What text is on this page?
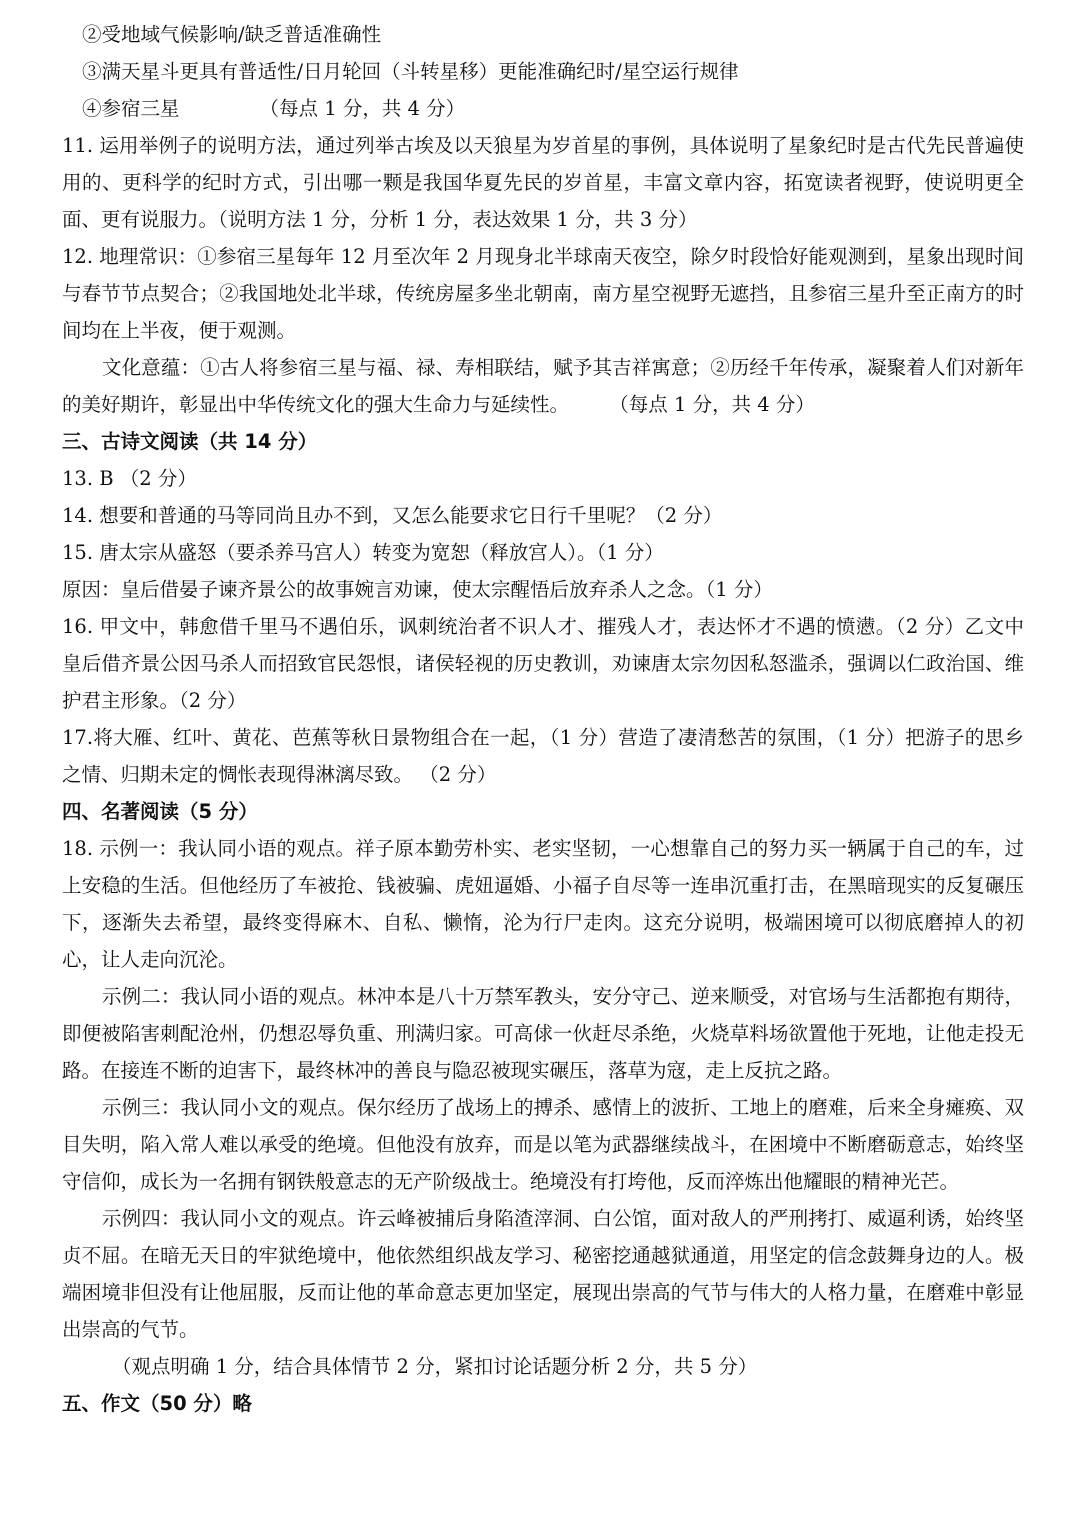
②受地域气候影响/缺乏普适准确性

③满天星斗更具有普适性/日月轮回（斗转星移）更能准确纪时/星空运行规律

④参宿三星	（每点 1 分，共 4 分）

11. 运用举例子的说明方法，通过列举古埃及以天狼星为岁首星的事例，具体说明了星象纪时是古代先民普遍使用的、更科学的纪时方式，引出哪一颗是我国华夏先民的岁首星，丰富文章内容，拓宽读者视野，使说明更全面、更有说服力。（说明方法 1 分，分析 1 分，表达效果 1 分，共 3 分）

12. 地理常识：①参宿三星每年 12 月至次年 2 月现身北半球南天夜空，除夕时段恰好能观测到，星象出现时间与春节节点契合；②我国地处北半球，传统房屋多坐北朝南，南方星空视野无遮挡，且参宿三星升至正南方的时间均在上半夜，便于观测。

文化意蕴：①古人将参宿三星与福、禄、寿相联结，赋予其吉祥寓意；②历经千年传承，凝聚着人们对新年的美好期许，彰显出中华传统文化的强大生命力与延续性。	（每点 1 分，共 4 分）

三、古诗文阅读（共 14 分）

13. B （2 分）

14. 想要和普通的马等同尚且办不到，又怎么能要求它日行千里呢？（2 分）

15. 唐太宗从盛怒（要杀养马宫人）转变为宽恕（释放宫人）。（1 分）

原因：皇后借晏子谏齐景公的故事婉言劝谏，使太宗醒悟后放弃杀人之念。（1 分）

16. 甲文中，韩愈借千里马不遇伯乐，讽刺统治者不识人才、摧残人才，表达怀才不遇的愤懑。（2 分）乙文中皇后借齐景公因马杀人而招致官民怨恨，诸侯轻视的历史教训，劝谏唐太宗勿因私怒滥杀，强调以仁政治国、维护君主形象。（2 分）

17.将大雁、红叶、黄花、芭蕉等秋日景物组合在一起，（1 分）营造了凄清愁苦的氛围，（1 分）把游子的思乡之情、归期未定的惆怅表现得淋漓尽致。 （2 分）

四、名著阅读（5 分）

18. 示例一：我认同小语的观点。祥子原本勤劳朴实、老实坚韧，一心想靠自己的努力买一辆属于自己的车，过上安稳的生活。但他经历了车被抢、钱被骗、虎妞逼婚、小福子自尽等一连串沉重打击，在黑暗现实的反复碾压下，逐渐失去希望，最终变得麻木、自私、懒惰，沦为行尸走肉。这充分说明，极端困境可以彻底磨掉人的初心，让人走向沉沦。

示例二：我认同小语的观点。林冲本是八十万禁军教头，安分守己、逆来顺受，对官场与生活都抱有期待，即便被陷害刺配沧州，仍想忍辱负重、刑满归家。可高俅一伙赶尽杀绝，火烧草料场欲置他于死地，让他走投无路。在接连不断的迫害下，最终林冲的善良与隐忍被现实碾压，落草为寇，走上反抗之路。

示例三：我认同小文的观点。保尔经历了战场上的搏杀、感情上的波折、工地上的磨难，后来全身瘫痪、双目失明，陷入常人难以承受的绝境。但他没有放弃，而是以笔为武器继续战斗，在困境中不断磨砺意志，始终坚守信仰，成长为一名拥有钢铁般意志的无产阶级战士。绝境没有打垮他，反而淬炼出他耀眼的精神光芒。

示例四：我认同小文的观点。许云峰被捕后身陷渣滓洞、白公馆，面对敌人的严刑拷打、威逼利诱，始终坚贞不屈。在暗无天日的牢狱绝境中，他依然组织战友学习、秘密挖通越狱通道，用坚定的信念鼓舞身边的人。极端困境非但没有让他屈服，反而让他的革命意志更加坚定，展现出崇高的气节与伟大的人格力量，在磨难中彰显出崇高的气节。

（观点明确 1 分，结合具体情节 2 分，紧扣讨论话题分析 2 分，共 5 分）

五、作文（50 分）略
